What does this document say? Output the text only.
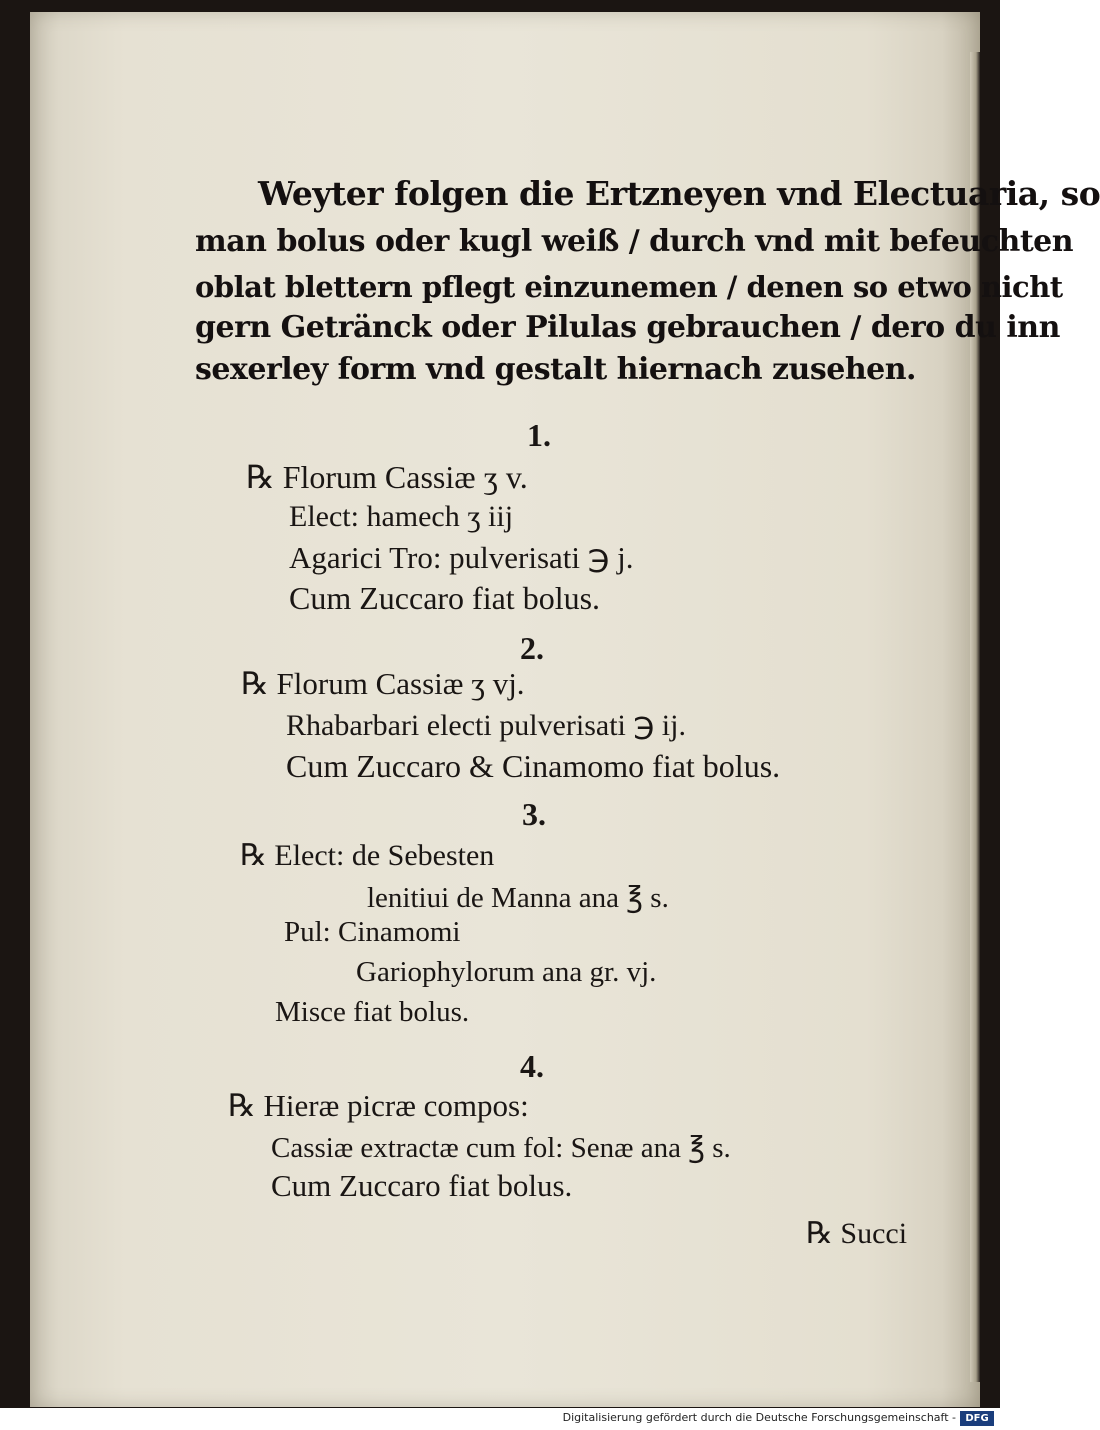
Weyter folgen die Ertzneyen vnd Electuaria, so
man bolus oder kugl weiß / durch vnd mit befeuchten
oblat blettern pflegt einzunemen / denen so etwo nicht
gern Getränck oder Pilulas gebrauchen / dero du inn
sexerley form vnd gestalt hiernach zusehen.
1.
℞ Florum Cassiæ ʒ v.
Elect: hamech ʒ iij
Agarici Tro: pulverisati ℈ j.
Cum Zuccaro fiat bolus.
2.
℞ Florum Cassiæ ʒ vj.
Rhabarbari electi pulverisati ℈ ij.
Cum Zuccaro & Cinamomo fiat bolus.
3.
℞ Elect: de Sebesten
lenitiui de Manna ana ℥ s.
Pul: Cinamomi
Gariophylorum ana gr. vj.
Misce fiat bolus.
4.
℞ Hieræ picræ compos:
Cassiæ extractæ cum fol: Senæ ana ℥ s.
Cum Zuccaro fiat bolus.
℞ Succi
Digitalisierung gefördert durch die Deutsche Forschungsgemeinschaft - DFG
